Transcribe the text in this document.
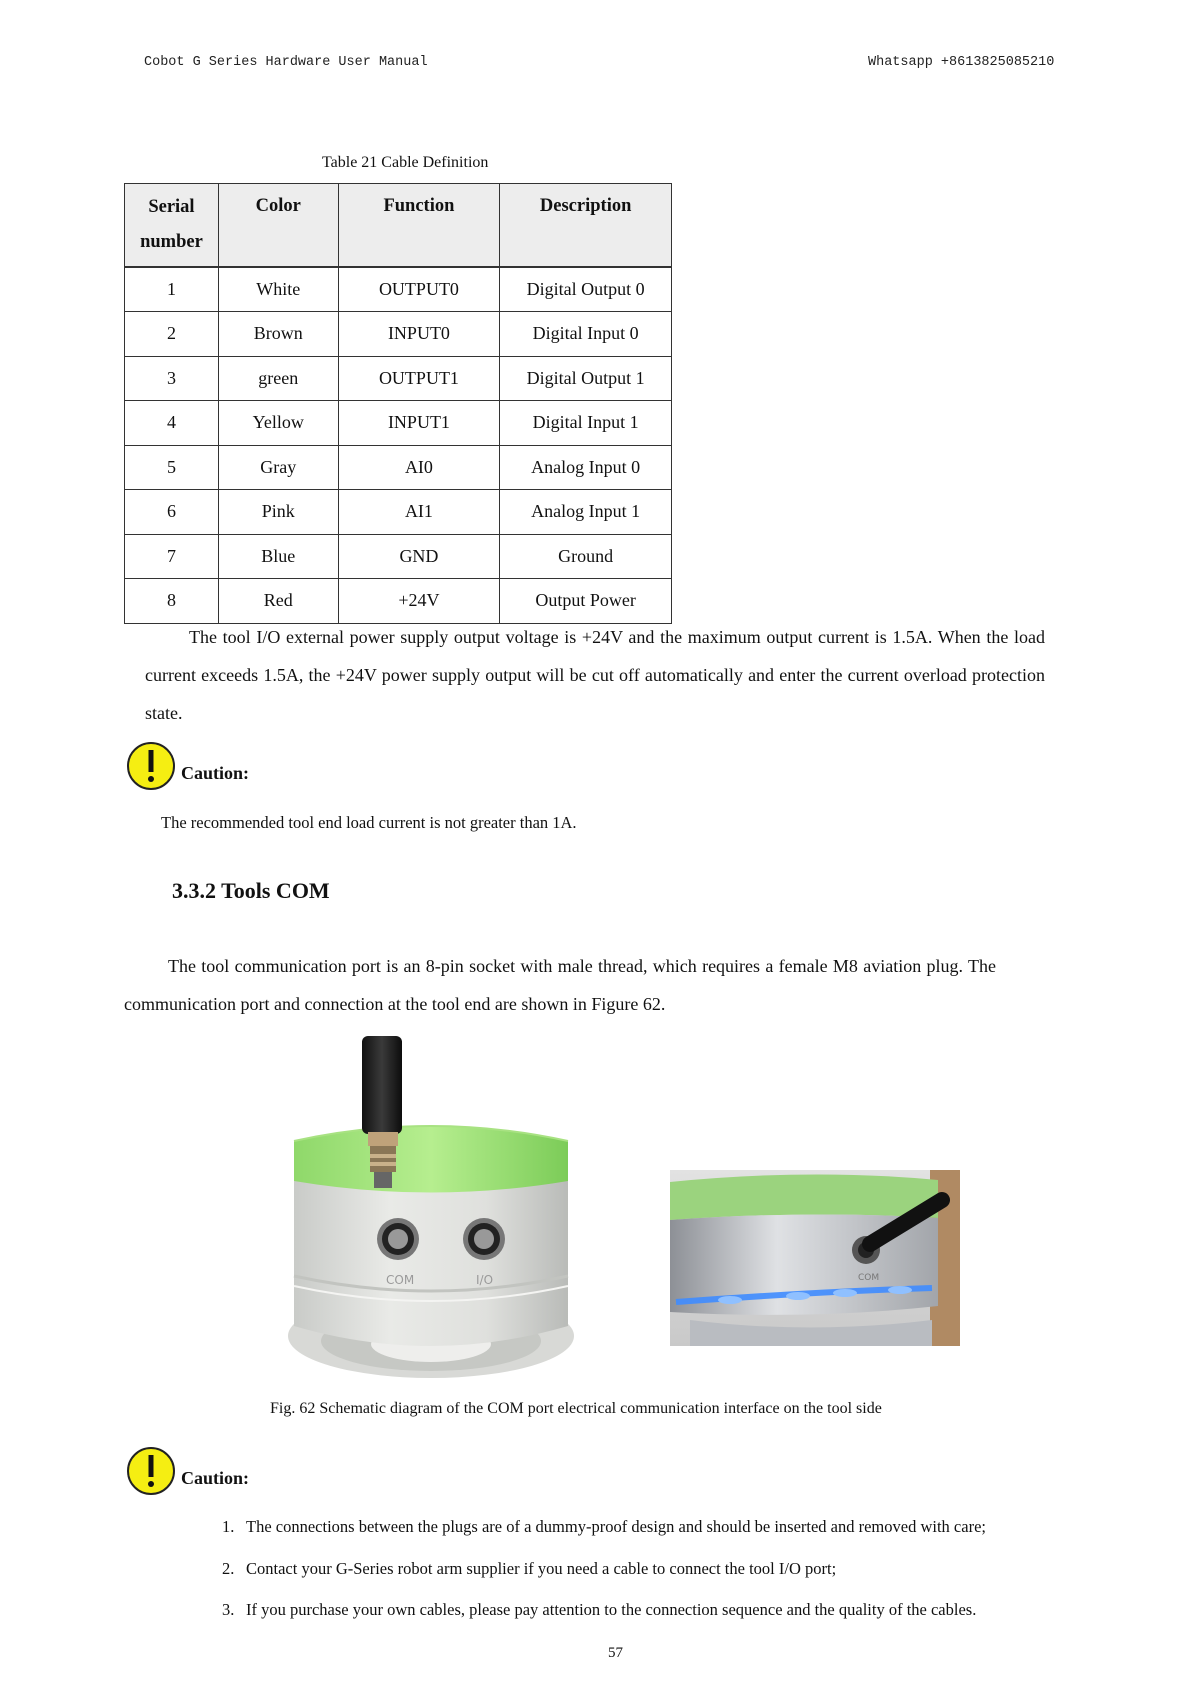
Cobot G Series Hardware User Manual	Whatsapp +8613825085210
Table 21 Cable Definition
Serial number	Color	Function	Description
1	White	OUTPUT0	Digital Output 0
2	Brown	INPUT0	Digital Input 0
3	green	OUTPUT1	Digital Output 1
4	Yellow	INPUT1	Digital Input 1
5	Gray	AI0	Analog Input 0
6	Pink	AI1	Analog Input 1
7	Blue	GND	Ground
8	Red	+24V	Output Power

The tool I/O external power supply output voltage is +24V and the maximum output current is 1.5A. When the load current exceeds 1.5A, the +24V power supply output will be cut off automatically and enter the current overload protection state.

Caution:
The recommended tool end load current is not greater than 1A.
3.3.2 Tools COM

The tool communication port is an 8-pin socket with male thread, which requires a female M8 aviation plug. The communication port and connection at the tool end are shown in Figure 62.

COM	I/O	COM
Fig. 62 Schematic diagram of the COM port electrical communication interface on the tool side
Caution:
1. The connections between the plugs are of a dummy-proof design and should be inserted and removed with care;
2. Contact your G-Series robot arm supplier if you need a cable to connect the tool I/O port;
3. If you purchase your own cables, please pay attention to the connection sequence and the quality of the cables.
57
